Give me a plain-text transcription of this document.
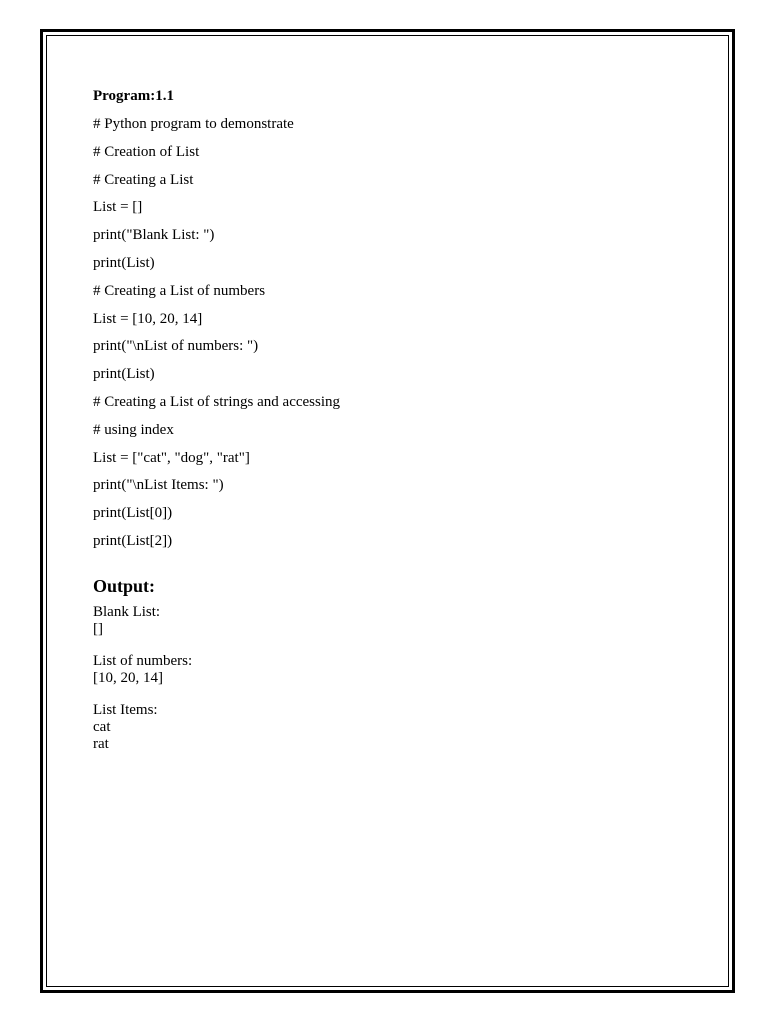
Program:1.1
# Python program to demonstrate
# Creation of List
# Creating a List
List = []
print("Blank List: ")
print(List)
# Creating a List of numbers
List = [10, 20, 14]
print("\nList of numbers: ")
print(List)
# Creating a List of strings and accessing
# using index
List = ["cat", "dog", "rat"]
print("\nList Items: ")
print(List[0])
print(List[2])
Output:
Blank List:
[]
List of numbers:
[10, 20, 14]
List Items:
cat
rat
